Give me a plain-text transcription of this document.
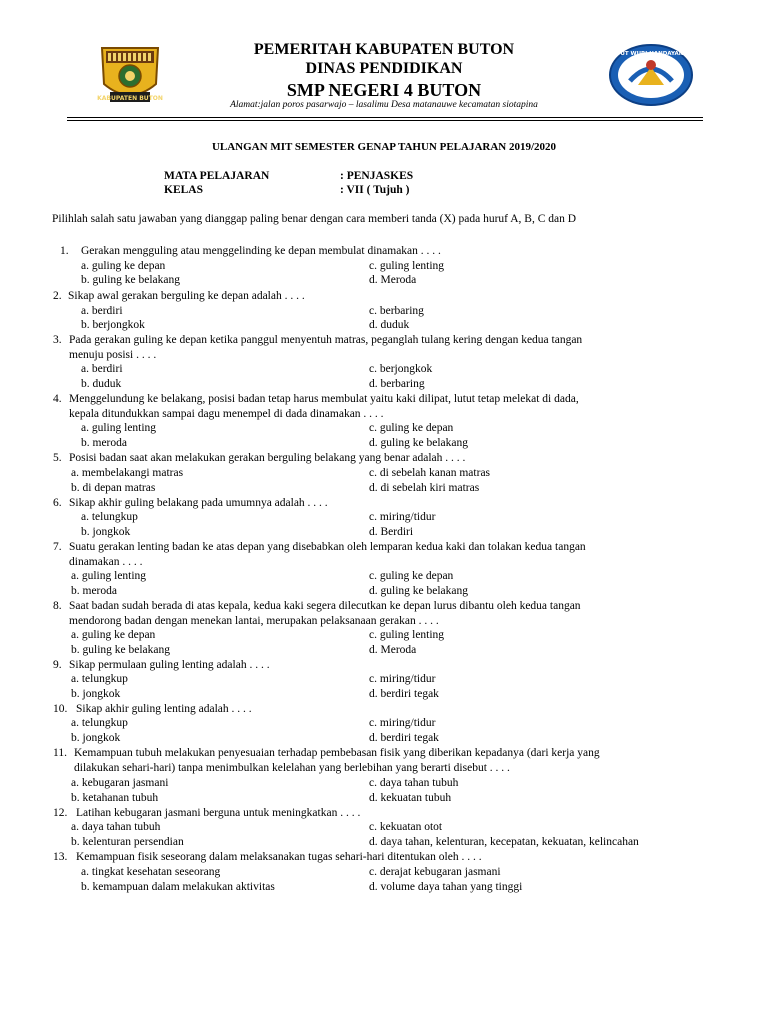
KABUPATEN BUTON
TUT WURI HANDAYANI
PEMERITAH KABUPATEN BUTON
DINAS PENDIDIKAN
SMP NEGERI 4 BUTON
Alamat:jalan poros pasarwajo – lasalimu Desa matanauwe kecamatan siotapina
ULANGAN MIT SEMESTER GENAP TAHUN PELAJARAN 2019/2020
MATA PELAJARAN	: PENJASKES
KELAS	: VII ( Tujuh )
Pilihlah salah satu jawaban yang dianggap paling benar dengan cara memberi tanda (X) pada huruf A, B, C dan D
1. Gerakan mengguling atau menggelinding ke depan membulat dinamakan . . . .
a. guling ke depan	c. guling lenting
b. guling ke belakang	d. Meroda
2. Sikap awal gerakan berguling ke depan adalah . . . .
a. berdiri	c. berbaring
b. berjongkok	d. duduk
3. Pada gerakan guling ke depan ketika panggul menyentuh matras, peganglah tulang kering dengan kedua tangan
menuju posisi . . . .
a. berdiri	c. berjongkok
b. duduk	d. berbaring
4. Menggelundung ke belakang, posisi badan tetap harus membulat yaitu kaki dilipat, lutut tetap melekat di dada,
kepala ditundukkan sampai dagu menempel di dada dinamakan . . . .
a. guling lenting	c. guling ke depan
b. meroda	d. guling ke belakang
5. Posisi badan saat akan melakukan gerakan berguling belakang yang benar adalah . . . .
a. membelakangi matras	c. di sebelah kanan matras
b. di depan matras	d. di sebelah kiri matras
6. Sikap akhir guling belakang pada umumnya adalah . . . .
a. telungkup	c. miring/tidur
b. jongkok	d. Berdiri
7. Suatu gerakan lenting badan ke atas depan yang disebabkan oleh lemparan kedua kaki dan tolakan kedua tangan
dinamakan . . . .
a. guling lenting	c. guling ke depan
b. meroda	d. guling ke belakang
8. Saat badan sudah berada di atas kepala, kedua kaki segera dilecutkan ke depan lurus dibantu oleh kedua tangan
mendorong badan dengan menekan lantai, merupakan pelaksanaan gerakan . . . .
a. guling ke depan	c. guling lenting
b. guling ke belakang	d. Meroda
9. Sikap permulaan guling lenting adalah . . . .
a. telungkup	c. miring/tidur
b. jongkok	d. berdiri tegak
10. Sikap akhir guling lenting adalah . . . .
a. telungkup	c. miring/tidur
b. jongkok	d. berdiri tegak
11. Kemampuan tubuh melakukan penyesuaian terhadap pembebasan fisik yang diberikan kepadanya (dari kerja yang
dilakukan sehari-hari) tanpa menimbulkan kelelahan yang berlebihan yang berarti disebut . . . .
a. kebugaran jasmani	c. daya tahan tubuh
b. ketahanan tubuh	d. kekuatan tubuh
12. Latihan kebugaran jasmani berguna untuk meningkatkan . . . .
a. daya tahan tubuh	c. kekuatan otot
b. kelenturan persendian	d. daya tahan, kelenturan, kecepatan, kekuatan, kelincahan
13. Kemampuan fisik seseorang dalam melaksanakan tugas sehari-hari ditentukan oleh . . . .
a. tingkat kesehatan seseorang	c. derajat kebugaran jasmani
b. kemampuan dalam melakukan aktivitas	d. volume daya tahan yang tinggi
